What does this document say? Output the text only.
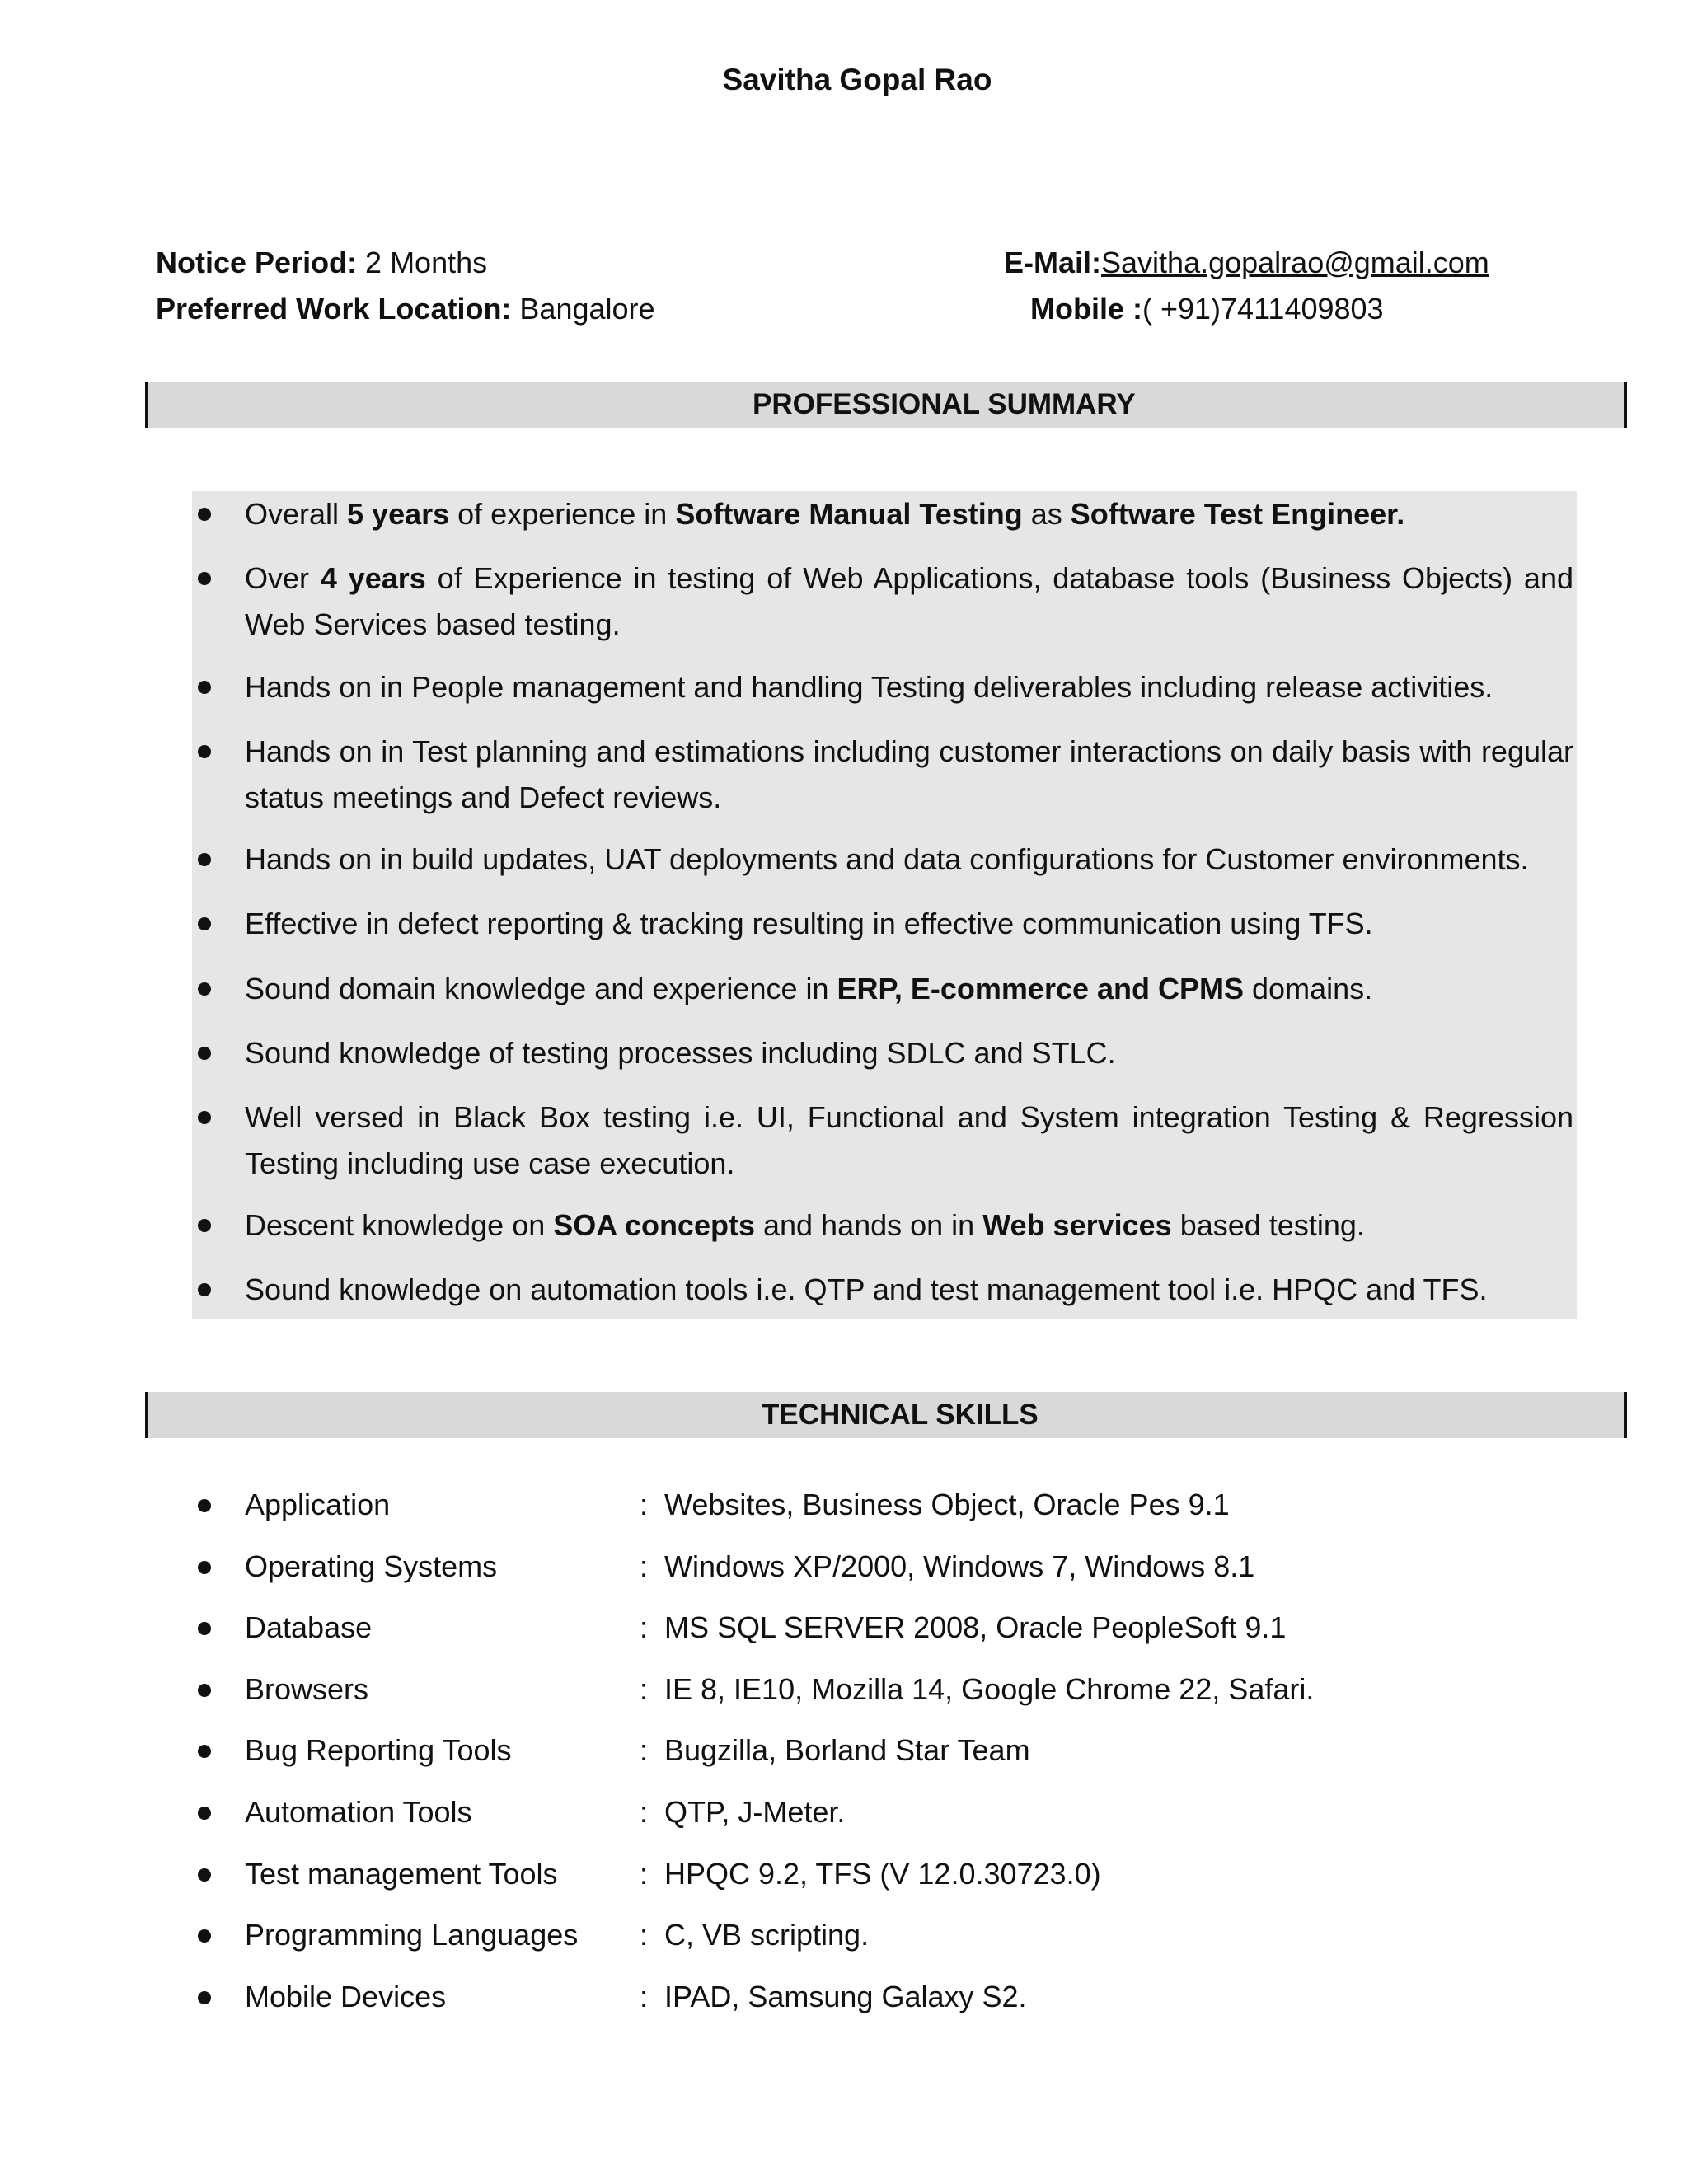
Savitha Gopal Rao
Notice Period: 2 Months
Preferred Work Location: Bangalore
E-Mail:Savitha.gopalrao@gmail.com
Mobile :( +91)7411409803
PROFESSIONAL SUMMARY
Overall 5 years of experience in Software Manual Testing as Software Test Engineer.
Over 4 years of Experience in testing of Web Applications, database tools (Business Objects) and Web Services based testing.
Hands on in People management and handling Testing deliverables including release activities.
Hands on in Test planning and estimations including customer interactions on daily basis with regular status meetings and Defect reviews.
Hands on in build updates, UAT deployments and data configurations for Customer environments.
Effective in defect reporting & tracking resulting in effective communication using TFS.
Sound domain knowledge and experience in ERP, E-commerce and CPMS domains.
Sound knowledge of testing processes including SDLC and STLC.
Well versed in Black Box testing i.e. UI, Functional and System integration Testing & Regression Testing including use case execution.
Descent knowledge on SOA concepts and hands on in Web services based testing.
Sound knowledge on automation tools i.e. QTP and test management tool i.e. HPQC and TFS.
TECHNICAL SKILLS
Application	: Websites, Business Object, Oracle Pes 9.1
Operating Systems	: Windows XP/2000, Windows 7, Windows 8.1
Database	: MS SQL SERVER 2008, Oracle PeopleSoft 9.1
Browsers	: IE 8, IE10, Mozilla 14, Google Chrome 22, Safari.
Bug Reporting Tools	: Bugzilla, Borland Star Team
Automation Tools	: QTP, J-Meter.
Test management Tools	: HPQC 9.2, TFS (V 12.0.30723.0)
Programming Languages : C, VB scripting.
Mobile Devices	: IPAD, Samsung Galaxy S2.
